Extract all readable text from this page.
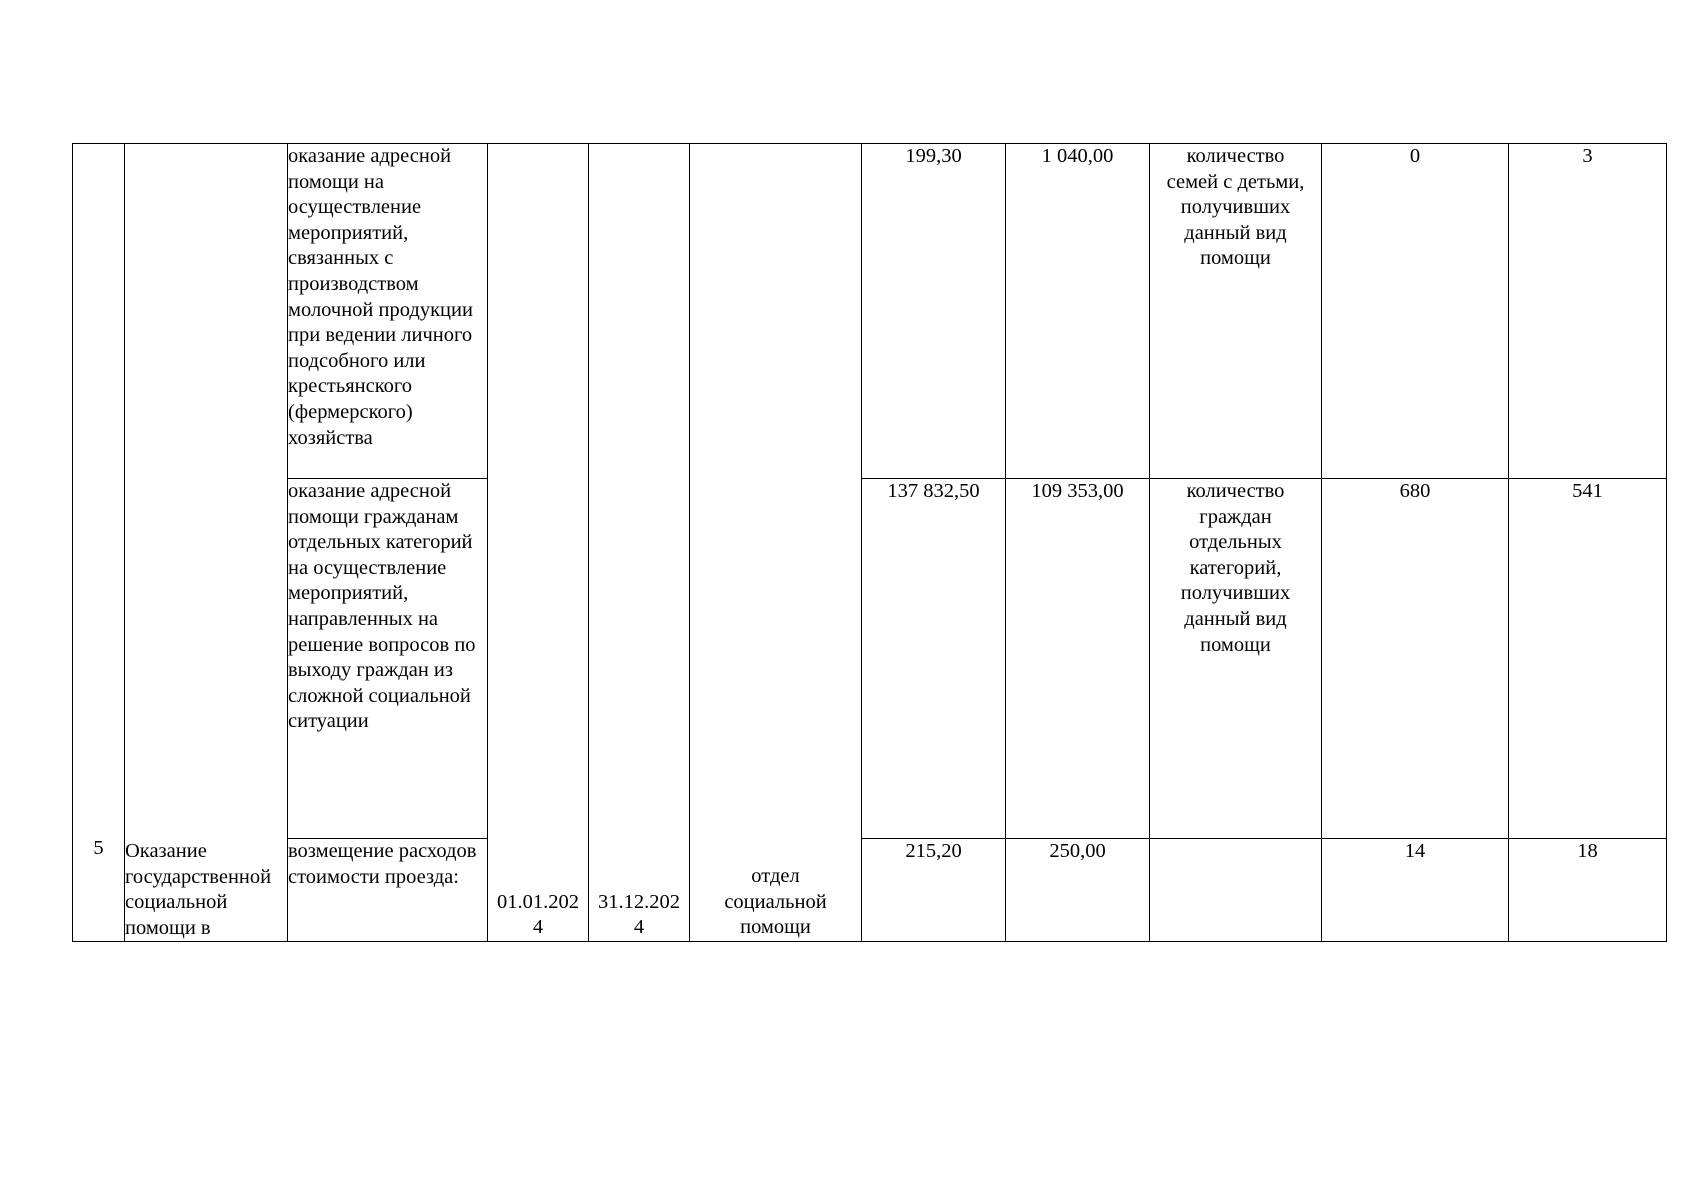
5	Оказание государственной социальной помощи в	оказание адресной помощи на осуществление мероприятий, связанных с производством молочной продукции при ведении личного подсобного или крестьянского (фермерского) хозяйства	01.01.2024	31.12.2024	отдел социальной помощи	199,30	1 040,00	количество семей с детьми, получивших данный вид помощи	0	3
		оказание адресной помощи гражданам отдельных категорий на осуществление мероприятий, направленных на решение вопросов по выходу граждан из сложной социальной ситуации				137 832,50	109 353,00	количество граждан отдельных категорий, получивших данный вид помощи	680	541
		возмещение расходов стоимости проезда:				215,20	250,00		14	18
